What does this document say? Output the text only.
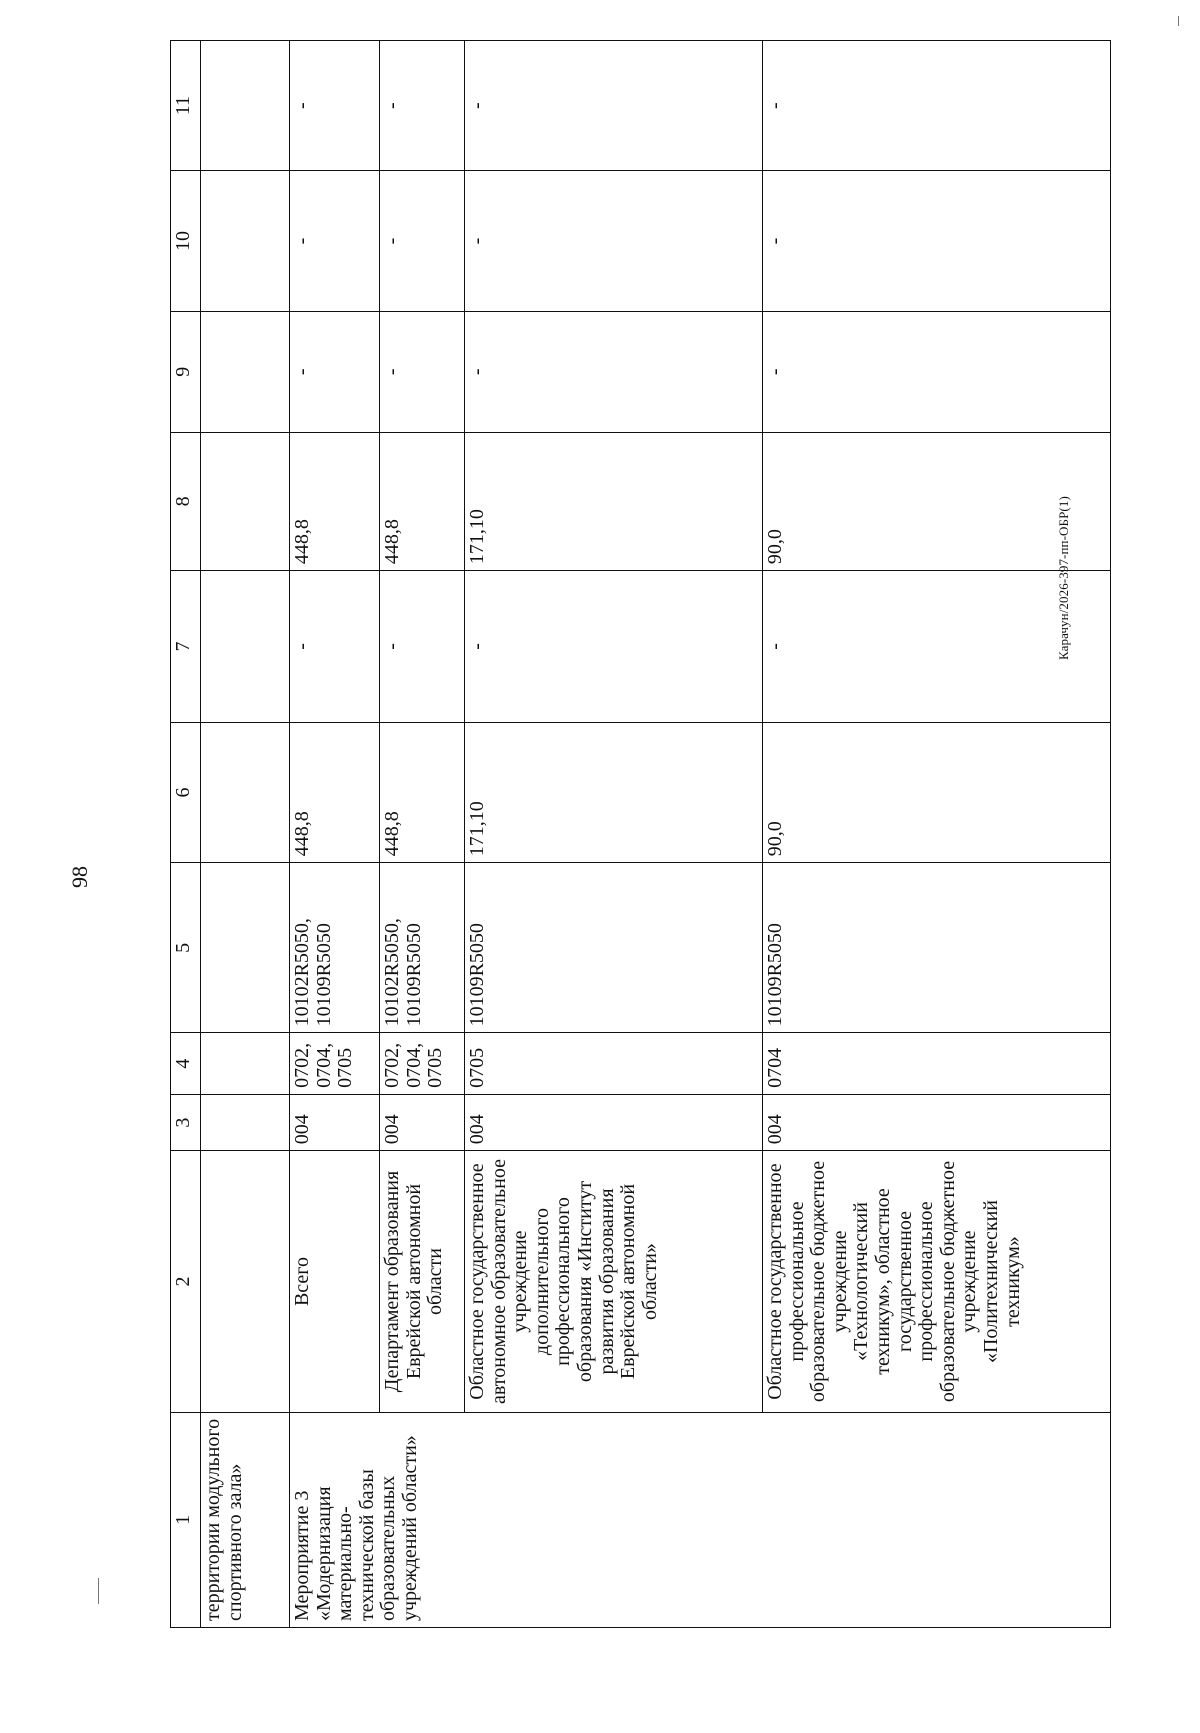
98
Карачун/2026-397-пп-ОБР(1)
1	2	3	4	5	6	7	8	9	10	11
территории модульного спортивного зала»										
Мероприятие 3 «Модернизация материально-технической базы образовательных учреждений области»	Всего	004	0702, 0704, 0705	10102R5050, 10109R5050	448,8	-	448,8	-	-	-
	Департамент образования Еврейской автономной области	004	0702, 0704, 0705	10102R5050, 10109R5050	448,8	-	448,8	-	-	-
	Областное государственное автономное образовательное учреждение дополнительного профессионального образования «Институт развития образования Еврейской автономной области»	004	0705	10109R5050	171,10	-	171,10	-	-	-
	Областное государственное профессиональное образовательное бюджетное учреждение «Технологический техникум», областное государственное профессиональное образовательное бюджетное учреждение «Политехнический техникум»	004	0704	10109R5050	90,0	-	90,0	-	-	-
